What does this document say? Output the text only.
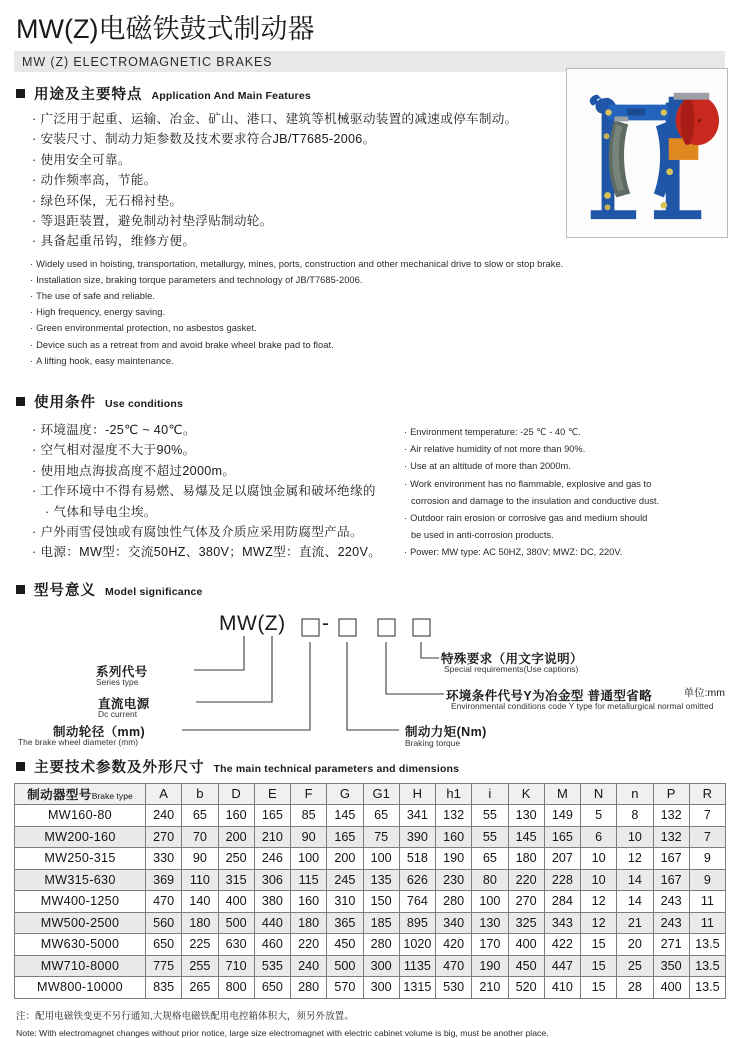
MW(Z)电磁铁鼓式制动器
MW (Z) ELECTROMAGNETIC BRAKES
用途及主要特点 Application And Main Features
· 广泛用于起重、运输、冶金、矿山、港口、建筑等机械驱动装置的减速或停车制动。
· 安装尺寸、制动力矩参数及技术要求符合JB/T7685-2006。
· 使用安全可靠。
· 动作频率高，节能。
· 绿色环保，无石棉衬垫。
· 等退距装置，避免制动衬垫浮贴制动轮。
· 具备起重吊钩，维修方便。
· Widely used in hoisting, transportation, metallurgy, mines, ports, construction and other mechanical drive to slow or stop brake.
· Installation size, braking torque parameters and technology of JB/T7685-2006.
· The use of safe and reliable.
· High frequency, energy saving.
· Green environmental protection, no asbestos gasket.
· Device such as a retreat from and avoid brake wheel brake pad to float.
· A lifting hook, easy maintenance.
使用条件 Use conditions
· 环境温度：-25℃ ~ 40℃。
· 空气相对湿度不大于90%。
· 使用地点海拔高度不超过2000m。
· 工作环境中不得有易燃、易爆及足以腐蚀金属和破坏绝缘的
· 气体和导电尘埃。
· 户外雨雪侵蚀或有腐蚀性气体及介质应采用防腐型产品。
· 电源：MW型：交流50HZ、380V；MWZ型：直流、220V。
· Environment temperature: -25 ℃ - 40 ℃.
· Air relative humidity of not more than 90%.
· Use at an altitude of more than 2000m.
· Work environment has no flammable, explosive and gas to
corrosion and damage to the insulation and conductive dust.
· Outdoor rain erosion or corrosive gas and medium should
be used in anti-corrosion products.
· Power: MW type: AC 50HZ, 380V; MWZ: DC, 220V.
型号意义 Model significance
MW(Z) -
系列代号
Series type
直流电源
Dc current
制动轮径（mm)
The brake wheel diameter (mm)
制动力矩(Nm)
Braking torque
环境条件代号Y为冶金型 普通型省略
Environmental conditions code Y type for metallurgical normal omitted
特殊要求（用文字说明）
Special requirements(Use captions)
主要技术参数及外形尺寸 The main technical parameters and dimensions
单位:mm
制动器型号Brake type	A	b	D	E	F	G	G1	H	h1	i	K	M	N	n	P	R
MW160-80	240	65	160	165	85	145	65	341	132	55	130	149	5	8	132	7
MW200-160	270	70	200	210	90	165	75	390	160	55	145	165	6	10	132	7
MW250-315	330	90	250	246	100	200	100	518	190	65	180	207	10	12	167	9
MW315-630	369	110	315	306	115	245	135	626	230	80	220	228	10	14	167	9
MW400-1250	470	140	400	380	160	310	150	764	280	100	270	284	12	14	243	11
MW500-2500	560	180	500	440	180	365	185	895	340	130	325	343	12	21	243	11
MW630-5000	650	225	630	460	220	450	280	1020	420	170	400	422	15	20	271	13.5
MW710-8000	775	255	710	535	240	500	300	1135	470	190	450	447	15	25	350	13.5
MW800-10000	835	265	800	650	280	570	300	1315	530	210	520	410	15	28	400	13.5
注：配用电磁铁变更不另行通知,大规格电磁铁配用电控箱体积大，须另外放置。
Note: With electromagnet changes without prior notice, large size electromagnet with electric cabinet volume is big, must be another place.
